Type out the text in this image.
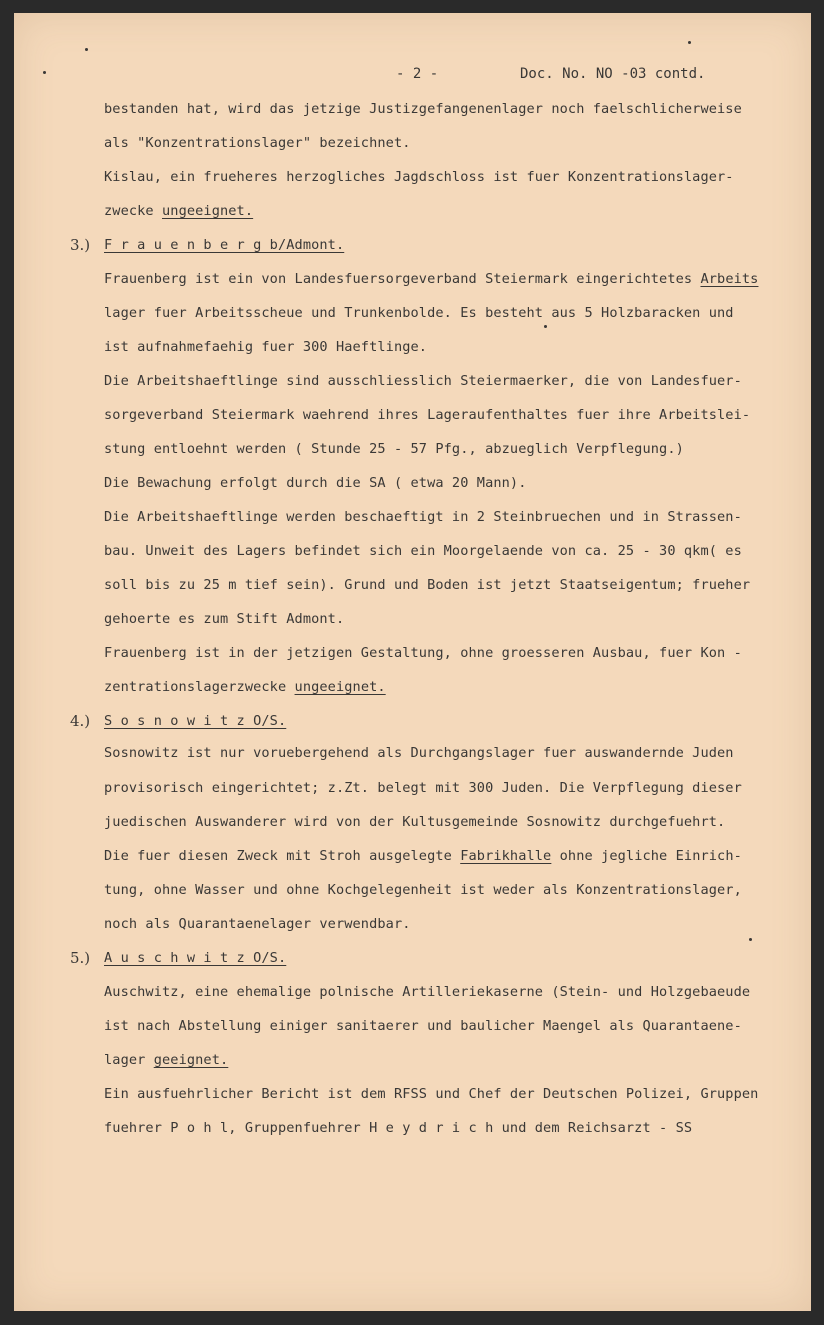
- 2 -	Doc. No. NO -03 contd.
bestanden hat, wird das jetzige Justizgefangenenlager noch faelschlicherweise
als "Konzentrationslager" bezeichnet.
Kislau, ein frueheres herzogliches Jagdschloss ist fuer Konzentrationslager-
zwecke ungeeignet.
3.) F r a u e n b e r g b/Admont.
Frauenberg ist ein von Landesfuersorgeverband Steiermark eingerichtetes Arbeits
lager fuer Arbeitsscheue und Trunkenbolde. Es besteht aus 5 Holzbaracken und
ist aufnahmefaehig fuer 300 Haeftlinge.
Die Arbeitshaeftlinge sind ausschliesslich Steiermaerker, die von Landesfuer-
sorgeverband Steiermark waehrend ihres Lageraufenthaltes fuer ihre Arbeitslei-
stung entloehnt werden ( Stunde 25 - 57 Pfg., abzueglich Verpflegung.)
Die Bewachung erfolgt durch die SA ( etwa 20 Mann).
Die Arbeitshaeftlinge werden beschaeftigt in 2 Steinbruechen und in Strassen-
bau. Unweit des Lagers befindet sich ein Moorgelaende von ca. 25 - 30 qkm( es
soll bis zu 25 m tief sein). Grund und Boden ist jetzt Staatseigentum; frueher
gehoerte es zum Stift Admont.
Frauenberg ist in der jetzigen Gestaltung, ohne groesseren Ausbau, fuer Kon -
zentrationslagerzwecke ungeeignet.
4.) S o s n o w i t z O/S.
Sosnowitz ist nur voruebergehend als Durchgangslager fuer auswandernde Juden
provisorisch eingerichtet; z.Zt. belegt mit 300 Juden. Die Verpflegung dieser
juedischen Auswanderer wird von der Kultusgemeinde Sosnowitz durchgefuehrt.
Die fuer diesen Zweck mit Stroh ausgelegte Fabrikhalle ohne jegliche Einrich-
tung, ohne Wasser und ohne Kochgelegenheit ist weder als Konzentrationslager,
noch als Quarantaenelager verwendbar.
5.) A u s c h w i t z O/S.
Auschwitz, eine ehemalige polnische Artilleriekaserne (Stein- und Holzgebaeude
ist nach Abstellung einiger sanitaerer und baulicher Maengel als Quarantaene-
lager geeignet.
Ein ausfuehrlicher Bericht ist dem RFSS und Chef der Deutschen Polizei, Gruppen
fuehrer P o h l, Gruppenfuehrer H e y d r i c h und dem Reichsarzt - SS
